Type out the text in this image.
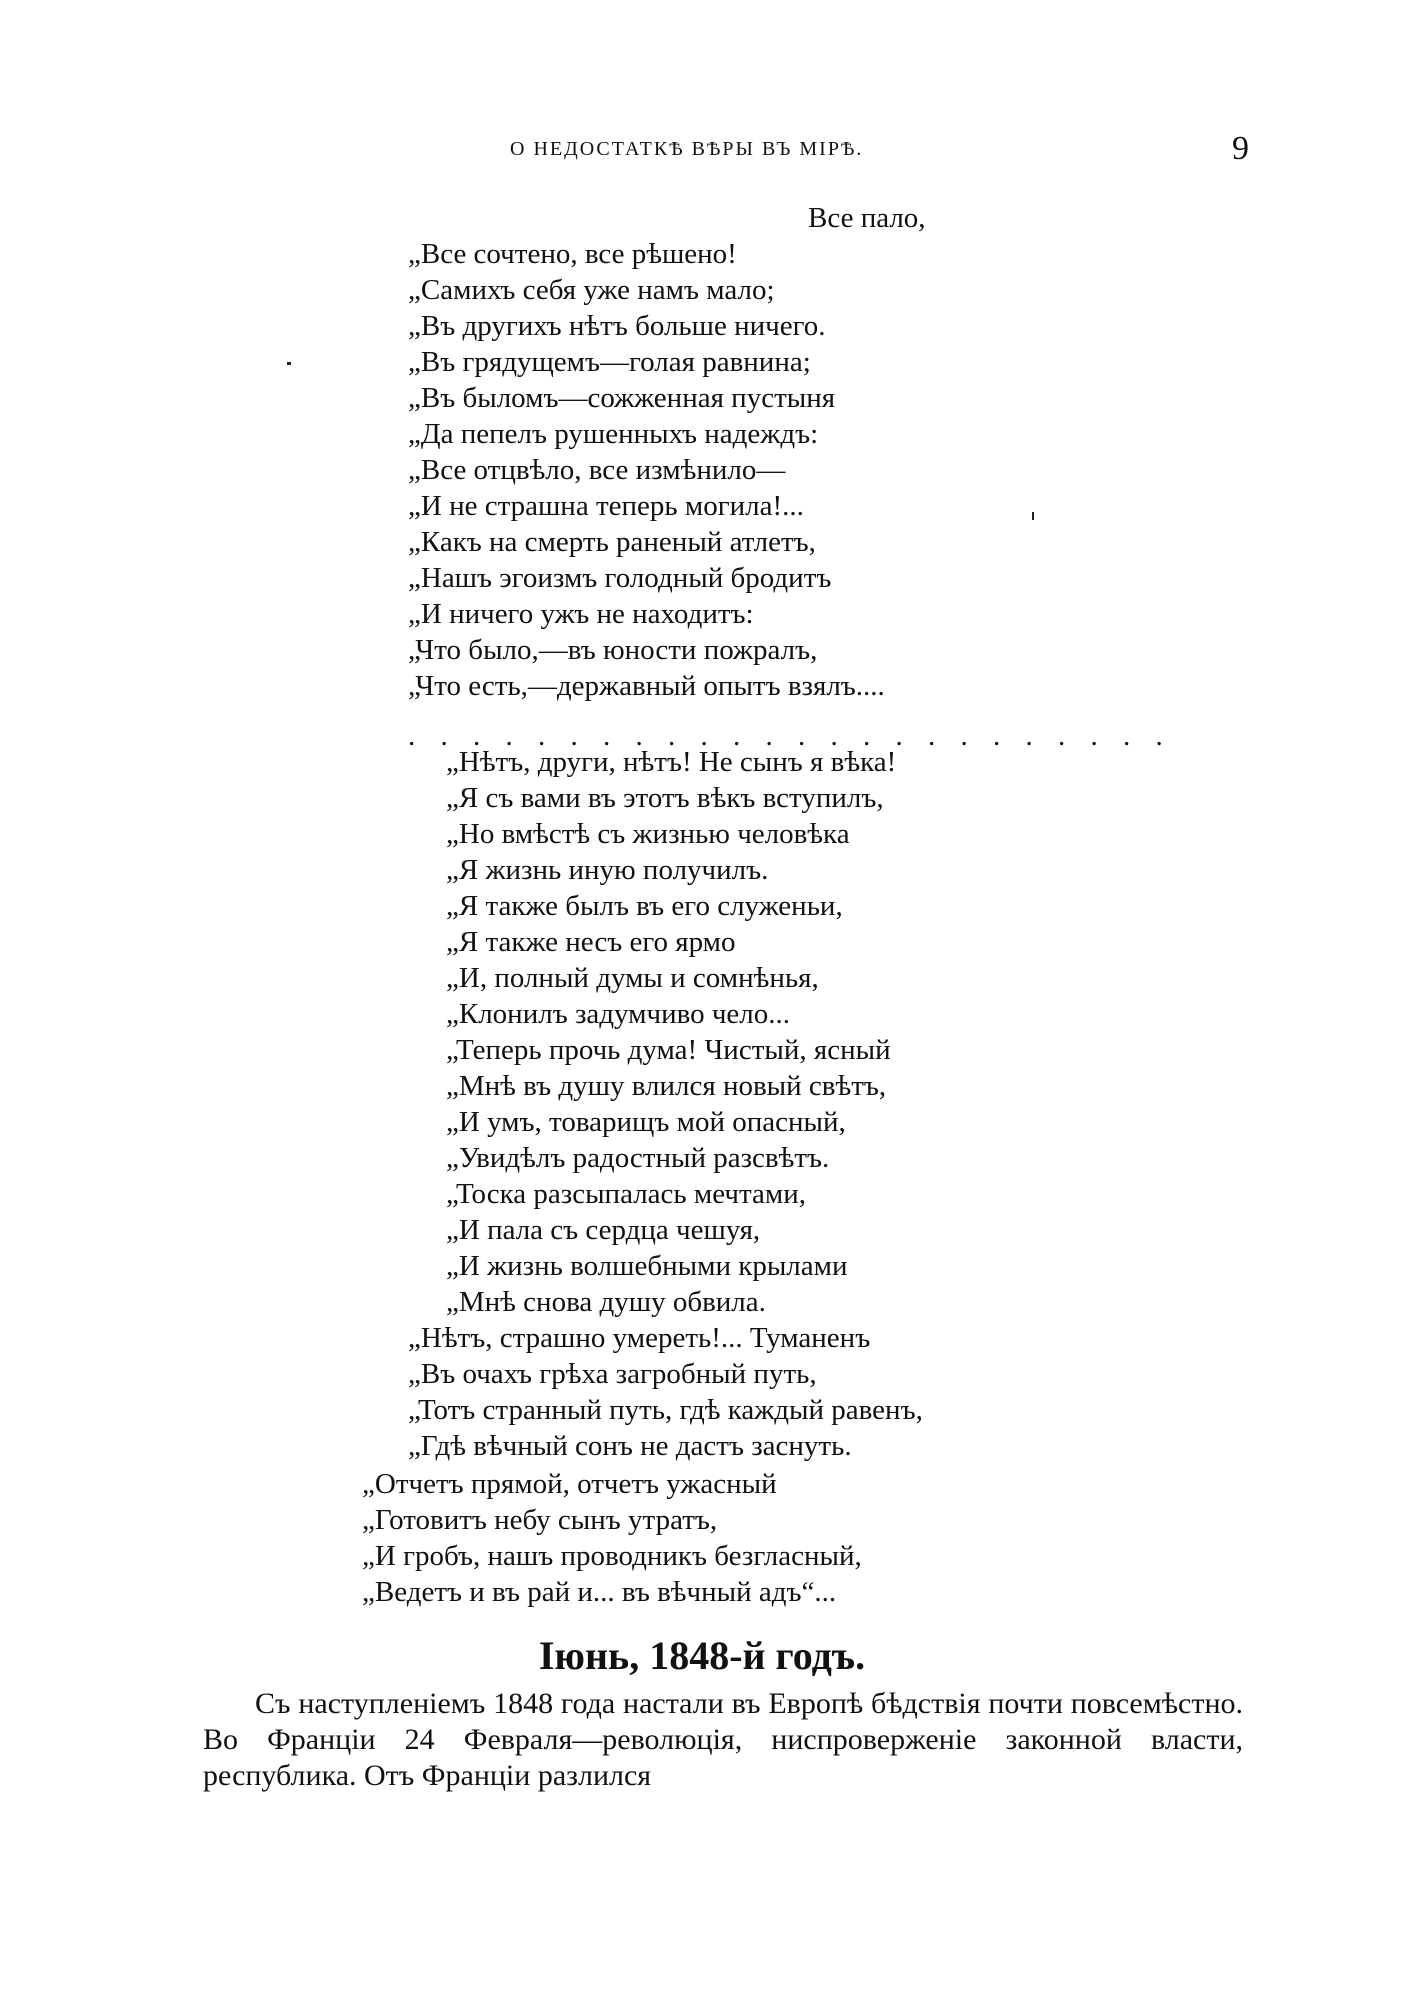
О НЕДОСТАТКѢ ВѢРЫ ВЪ МІРѢ.	9
Все пало,
„Все сочтено, все рѣшено!
„Самихъ себя уже намъ мало;
„Въ другихъ нѣтъ больше ничего.
„Въ грядущемъ—голая равнина;
„Въ быломъ—сожженная пустыня
„Да пепелъ рушенныхъ надеждъ:
„Все отцвѣло, все измѣнило—
„И не страшна теперь могила!...
„Какъ на смерть раненый атлетъ,
„Нашъ эгоизмъ голодный бродитъ
„И ничего ужъ не находитъ:
„Что было,—въ юности пожралъ,
„Что есть,—державный опытъ взялъ....
. . . . . . . . . . . . . . . . . . . . . . . .
„Нѣтъ, други, нѣтъ! Не сынъ я вѣка!
„Я съ вами въ этотъ вѣкъ вступилъ,
„Но вмѣстѣ съ жизнью человѣка
„Я жизнь иную получилъ.
„Я также былъ въ его служеньи,
„Я также несъ его ярмо
„И, полный думы и сомнѣнья,
„Клонилъ задумчиво чело...
„Теперь прочь дума! Чистый, ясный
„Мнѣ въ душу влился новый свѣтъ,
„И умъ, товарищъ мой опасный,
„Увидѣлъ радостный разсвѣтъ.
„Тоска разсыпалась мечтами,
„И пала съ сердца чешуя,
„И жизнь волшебными крылами
„Мнѣ снова душу обвила.
„Нѣтъ, страшно умереть!... Туманенъ
„Въ очахъ грѣха загробный путь,
„Тотъ странный путь, гдѣ каждый равенъ,
„Гдѣ вѣчный сонъ не дастъ заснуть.
„Отчетъ прямой, отчетъ ужасный
„Готовитъ небу сынъ утратъ,
„И гробъ, нашъ проводникъ безгласный,
„Ведетъ и въ рай и... въ вѣчный адъ“...
Іюнь, 1848-й годъ.
Съ наступленіемъ 1848 года настали въ Европѣ бѣдствія почти повсемѣстно. Во Франціи 24 Февраля—революція, ниспроверженіе законной власти, республика. Отъ Франціи разлился
